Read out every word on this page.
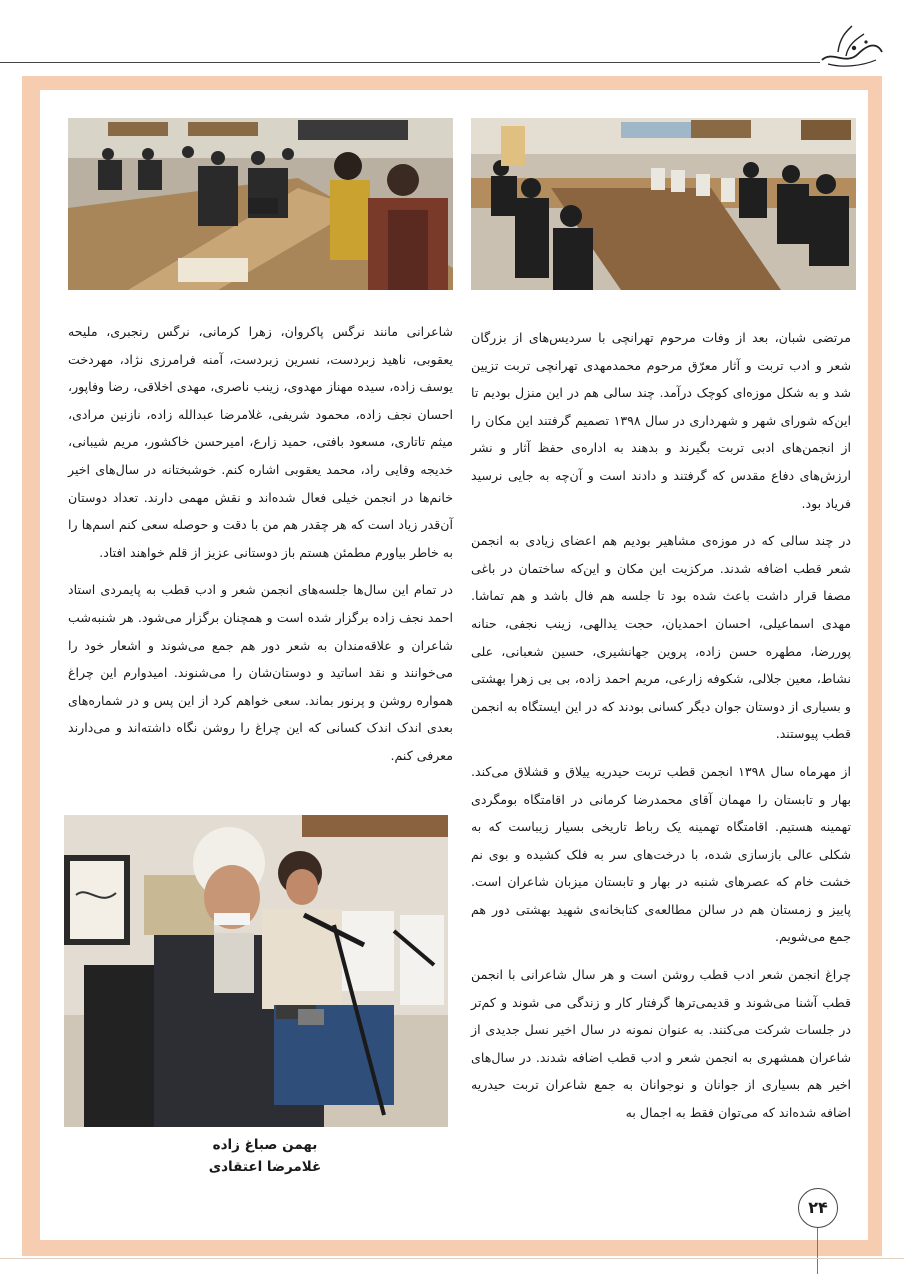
مرتضی شبان، بعد از وفات مرحوم تهرانچی با سردیس‌های از بزرگان شعر و ادب تربت و آثار معرّق مرحوم محمدمهدی تهرانچی تربت تزیین شد و به شکل موزه‌ای کوچک درآمد. چند سالی هم در این منزل بودیم تا این‌که شورای شهر و شهرداری در سال ۱۳۹۸ تصمیم گرفتند این مکان را از انجمن‌های ادبی تربت بگیرند و بدهند به اداره‌ی حفظ آثار و نشر ارزش‌های دفاع مقدس که گرفتند و دادند است و آن‌چه به جایی نرسید فریاد بود.

در چند سالی که در موزه‌ی مشاهیر بودیم هم اعضای زیادی به انجمن شعر قطب اضافه شدند. مرکزیت این مکان و این‌که ساختمان در باغی مصفا قرار داشت باعث شده بود تا جلسه هم فال باشد و هم تماشا. مهدی اسماعیلی، احسان احمدیان، حجت یدالهی، زینب نجفی، حنانه پوررضا، مطهره حسن زاده، پروین جهانشیری، حسین شعبانی، علی نشاط، معین جلالی، شکوفه زارعی، مریم احمد زاده، بی بی زهرا بهشتی و بسیاری از دوستان جوان دیگر کسانی بودند که در این ایستگاه به انجمن قطب پیوستند.

از مهرماه سال ۱۳۹۸ انجمن قطب تربت حیدریه ییلاق و قشلاق می‌کند. بهار و تابستان را مهمان آقای محمدرضا کرمانی در اقامتگاه بومگردی تهمینه هستیم. اقامتگاه تهمینه یک رباط تاریخی بسیار زیباست که به شکلی عالی بازسازی شده، با درخت‌های سر به فلک کشیده و بوی نم خشت خام که عصرهای شنبه در بهار و تابستان میزبان شاعران است. پاییز و زمستان هم در سالن مطالعه‌ی کتابخانه‌ی شهید بهشتی دور هم جمع می‌شویم.

چراغ انجمن شعر ادب قطب روشن است و هر سال شاعرانی با انجمن قطب آشنا می‌شوند و قدیمی‌ترها گرفتار کار و زندگی می شوند و کم‌تر در جلسات شرکت می‌کنند. به عنوان نمونه در سال اخیر نسل جدیدی از شاعران همشهری به انجمن شعر و ادب قطب اضافه شدند. در سال‌های اخیر هم بسیاری از جوانان و نوجوانان به جمع شاعران تربت حیدریه اضافه شده‌اند که می‌توان فقط به اجمال به

شاعرانی مانند نرگس پاکروان، زهرا کرمانی، نرگس رنجبری، ملیحه یعقوبی، ناهید زبردست، نسرین زبردست، آمنه فرامرزی نژاد، مهردخت یوسف زاده، سیده مهناز مهدوی، زینب ناصری، مهدی اخلاقی، رضا وفاپور، احسان نجف زاده، محمود شریفی، غلامرضا عبدالله زاده، نازنین مرادی، میثم تاتاری، مسعود بافتی، حمید زارع، امیرحسن خاکشور، مریم شیبانی، خدیجه وفایی راد، محمد یعقوبی اشاره کنم. خوشبختانه در سال‌های اخیر خانم‌ها در انجمن خیلی فعال شده‌اند و نقش مهمی دارند. تعداد دوستان آن‌قدر زیاد است که هر چقدر هم من با دقت و حوصله سعی کنم اسم‌ها را به خاطر بیاورم مطمئن هستم باز دوستانی عزیز از قلم خواهند افتاد.

در تمام این سال‌ها جلسه‌های انجمن شعر و ادب قطب به پایمردی استاد احمد نجف زاده برگزار شده است و همچنان برگزار می‌شود. هر شنبه‌شب شاعران و علاقه‌مندان به شعر دور هم جمع می‌شوند و اشعار خود را می‌خوانند و نقد اساتید و دوستان‌شان را می‌شنوند. امیدوارم این چراغ همواره روشن و پرنور بماند. سعی خواهم کرد از این پس و در شماره‌های بعدی اندک اندک کسانی که این چراغ را روشن نگاه داشته‌اند و می‌دارند معرفی کنم.

بهمن صباغ زاده
غلامرضا اعتقادی
۲۴
